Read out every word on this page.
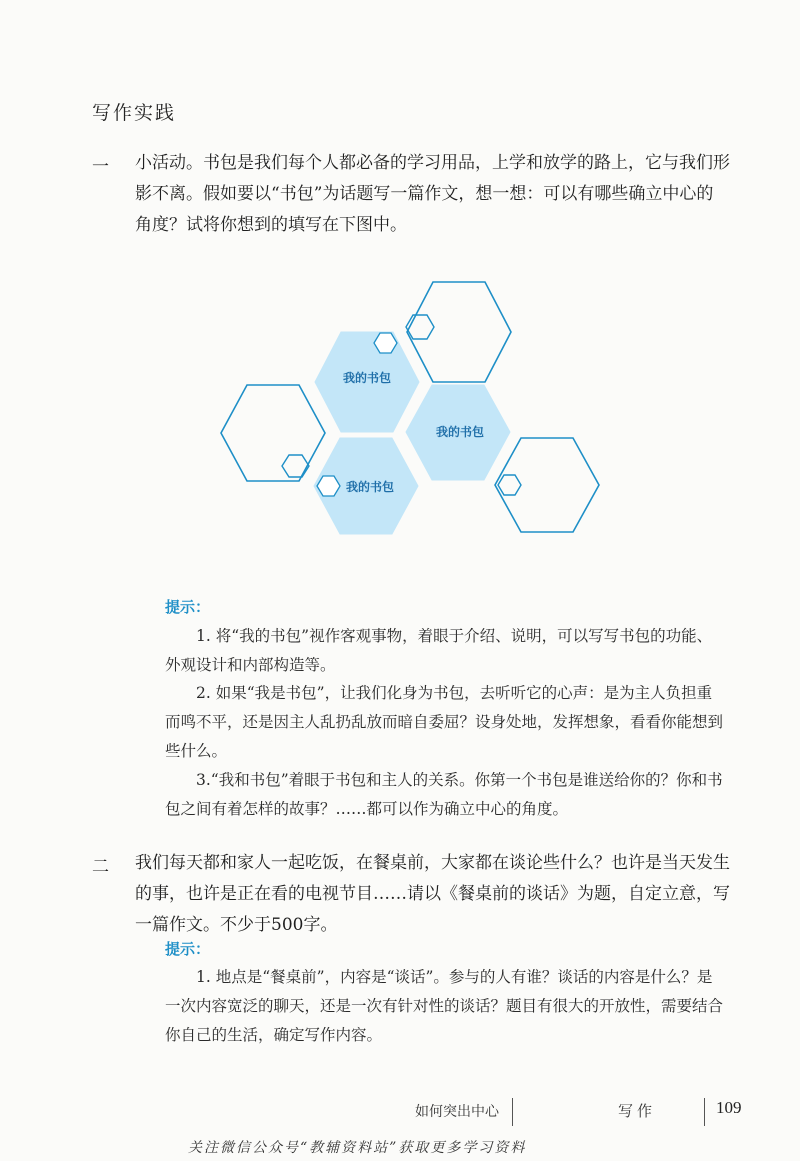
写作实践
一 小活动。书包是我们每个人都必备的学习用品，上学和放学的路上，它与我们形影不离。假如要以“书包”为话题写一篇作文，想一想：可以有哪些确立中心的角度？试将你想到的填写在下图中。
我的书包
我的书包
我的书包
提示：
1. 将“我的书包”视作客观事物，着眼于介绍、说明，可以写写书包的功能、外观设计和内部构造等。
2. 如果“我是书包”，让我们化身为书包，去听听它的心声：是为主人负担重而鸣不平，还是因主人乱扔乱放而暗自委屈？设身处地，发挥想象，看看你能想到些什么。
3.“我和书包”着眼于书包和主人的关系。你第一个书包是谁送给你的？你和书包之间有着怎样的故事？……都可以作为确立中心的角度。
二 我们每天都和家人一起吃饭，在餐桌前，大家都在谈论些什么？也许是当天发生的事，也许是正在看的电视节目……请以《餐桌前的谈话》为题，自定立意，写一篇作文。不少于500字。
提示：
1. 地点是“餐桌前”，内容是“谈话”。参与的人有谁？谈话的内容是什么？是一次内容宽泛的聊天，还是一次有针对性的谈话？题目有很大的开放性，需要结合你自己的生活，确定写作内容。
如何突出中心	写作	109
关注微信公众号“教辅资料站”获取更多学习资料
